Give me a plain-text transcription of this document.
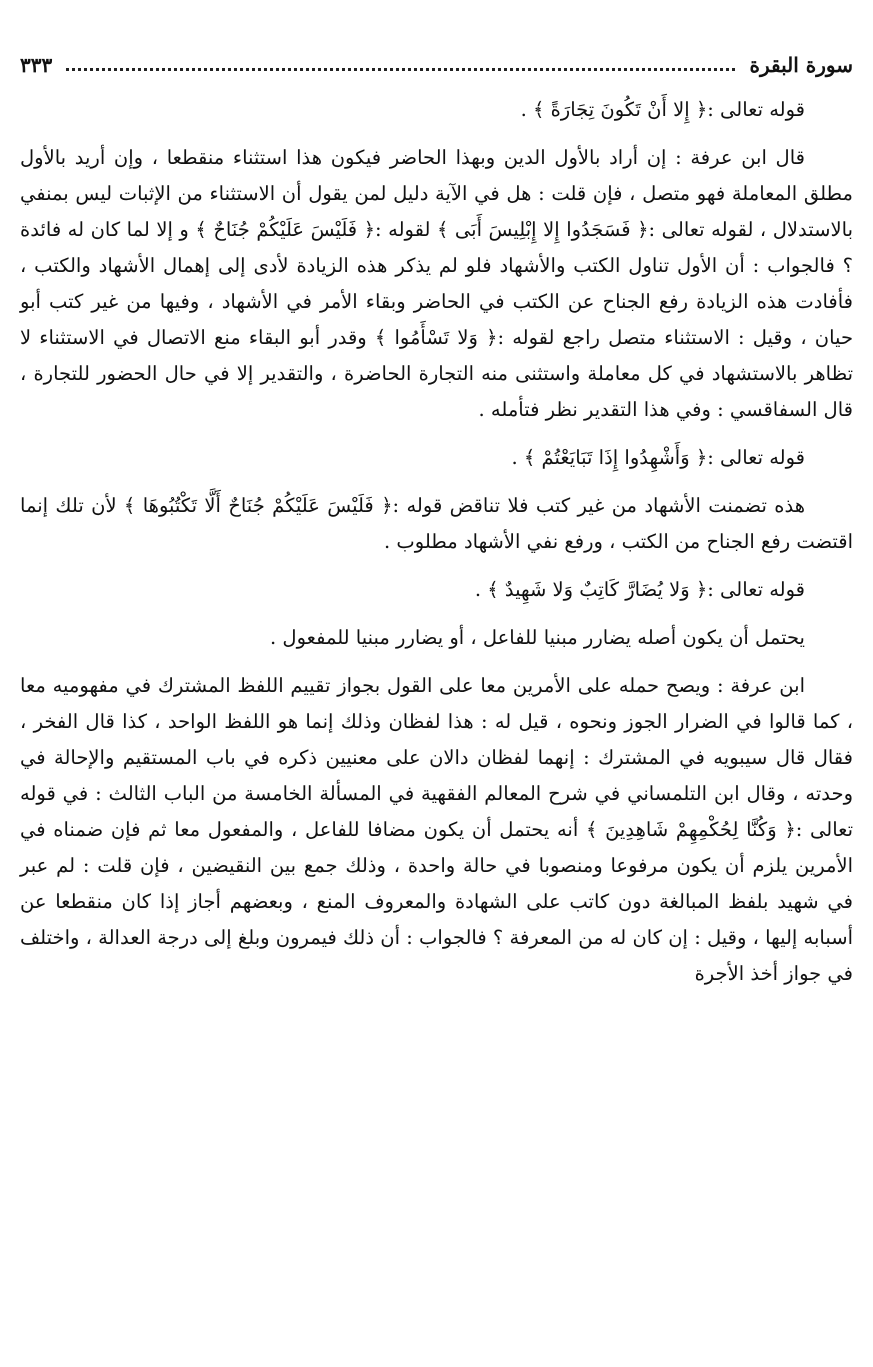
سورة البقرة
٣٣٣

قوله تعالى :﴿ إِلا أَنْ تَكُونَ تِجَارَةً ﴾ .

قال ابن عرفة : إن أراد بالأول الدين وبهذا الحاضر فيكون هذا استثناء منقطعا ، وإن أريد بالأول مطلق المعاملة فهو متصل ، فإن قلت : هل في الآية دليل لمن يقول أن الاستثناء من الإثبات ليس بمنفي بالاستدلال ، لقوله تعالى :﴿ فَسَجَدُوا إِلا إِبْلِيسَ أَبَى ﴾ لقوله :﴿ فَلَيْسَ عَلَيْكُمْ جُنَاحٌ ﴾ و إلا لما كان له فائدة ؟ فالجواب : أن الأول تناول الكتب والأشهاد فلو لم يذكر هذه الزيادة لأدى إلى إهمال الأشهاد والكتب ، فأفادت هذه الزيادة رفع الجناح عن الكتب في الحاضر وبقاء الأمر في الأشهاد ، وفيها من غير كتب أبو حيان ، وقيل : الاستثناء متصل راجع لقوله :﴿ وَلا تَسْأَمُوا ﴾ وقدر أبو البقاء منع الاتصال في الاستثناء لا تظاهر بالاستشهاد في كل معاملة واستثنى منه التجارة الحاضرة ، والتقدير إلا في حال الحضور للتجارة ، قال السفاقسي : وفي هذا التقدير نظر فتأمله .

قوله تعالى :﴿ وَأَشْهِدُوا إِذَا تَبَايَعْتُمْ ﴾ .

هذه تضمنت الأشهاد من غير كتب فلا تناقض قوله :﴿ فَلَيْسَ عَلَيْكُمْ جُنَاحٌ أَلَّا تَكْتُبُوهَا ﴾ لأن تلك إنما اقتضت رفع الجناح من الكتب ، ورفع نفي الأشهاد مطلوب .

قوله تعالى :﴿ وَلا يُضَارَّ كَاتِبٌ وَلا شَهِيدٌ ﴾ .

يحتمل أن يكون أصله يضارر مبنيا للفاعل ، أو يضارر مبنيا للمفعول .

ابن عرفة : ويصح حمله على الأمرين معا على القول بجواز تقييم اللفظ المشترك في مفهوميه معا ، كما قالوا في الضرار الجوز ونحوه ، قيل له : هذا لفظان وذلك إنما هو اللفظ الواحد ، كذا قال الفخر ، فقال قال سيبويه في المشترك : إنهما لفظان دالان على معنيين ذكره في باب المستقيم والإحالة في وحدته ، وقال ابن التلمساني في شرح المعالم الفقهية في المسألة الخامسة من الباب الثالث : في قوله تعالى :﴿ وَكُنَّا لِحُكْمِهِمْ شَاهِدِينَ ﴾ أنه يحتمل أن يكون مضافا للفاعل ، والمفعول معا ثم فإن ضمناه في الأمرين يلزم أن يكون مرفوعا ومنصوبا في حالة واحدة ، وذلك جمع بين النقيضين ، فإن قلت : لم عبر في شهيد بلفظ المبالغة دون كاتب على الشهادة والمعروف المنع ، وبعضهم أجاز إذا كان منقطعا عن أسبابه إليها ، وقيل : إن كان له من المعرفة ؟ فالجواب : أن ذلك فيمرون وبلغ إلى درجة العدالة ، واختلف في جواز أخذ الأجرة
